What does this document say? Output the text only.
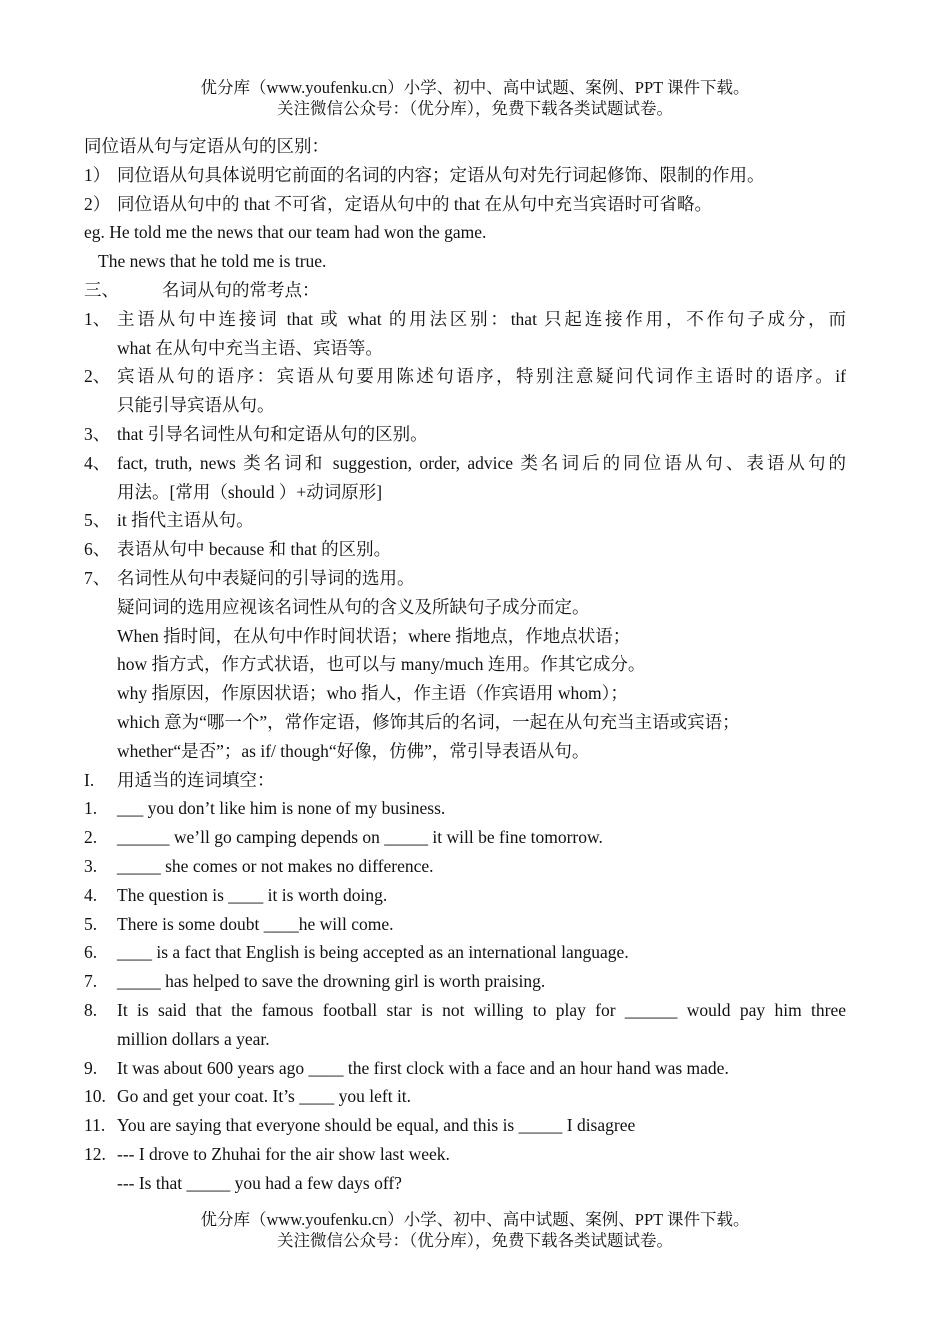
优分库（www.youfenku.cn）小学、初中、高中试题、案例、PPT 课件下载。
关注微信公众号：（优分库），免费下载各类试题试卷。
同位语从句与定语从句的区别：
1） 同位语从句具体说明它前面的名词的内容；定语从句对先行词起修饰、限制的作用。
2） 同位语从句中的 that 不可省，定语从句中的 that 在从句中充当宾语时可省略。
eg. He told me the news that our team had won the game.
The news that he told me is true.
三、 名词从句的常考点：
1、 主语从句中连接词 that 或 what 的用法区别：that 只起连接作用，不作句子成分，而
what 在从句中充当主语、宾语等。
2、 宾语从句的语序：宾语从句要用陈述句语序，特别注意疑问代词作主语时的语序。if
只能引导宾语从句。
3、 that 引导名词性从句和定语从句的区别。
4、 fact, truth, news 类名词和 suggestion, order, advice 类名词后的同位语从句、表语从句的
用法。[常用（should ）+动词原形]
5、 it 指代主语从句。
6、 表语从句中 because 和 that 的区别。
7、 名词性从句中表疑问的引导词的选用。
疑问词的选用应视该名词性从句的含义及所缺句子成分而定。
When 指时间，在从句中作时间状语；where 指地点，作地点状语；
how 指方式，作方式状语，也可以与 many/much 连用。作其它成分。
why 指原因，作原因状语；who 指人，作主语（作宾语用 whom）；
which 意为“哪一个”，常作定语，修饰其后的名词，一起在从句充当主语或宾语；
whether“是否”；as if/ though“好像，仿佛”，常引导表语从句。
I. 用适当的连词填空：
1. ___ you don’t like him is none of my business.
2. ______ we’ll go camping depends on _____ it will be fine tomorrow.
3. _____ she comes or not makes no difference.
4. The question is ____ it is worth doing.
5. There is some doubt ____he will come.
6. ____ is a fact that English is being accepted as an international language.
7. _____ has helped to save the drowning girl is worth praising.
8. It is said that the famous football star is not willing to play for ______ would pay him three
million dollars a year.
9. It was about 600 years ago ____ the first clock with a face and an hour hand was made.
10. Go and get your coat. It’s ____ you left it.
11. You are saying that everyone should be equal, and this is _____ I disagree
12. --- I drove to Zhuhai for the air show last week.
--- Is that _____ you had a few days off?
优分库（www.youfenku.cn）小学、初中、高中试题、案例、PPT 课件下载。
关注微信公众号：（优分库），免费下载各类试题试卷。
